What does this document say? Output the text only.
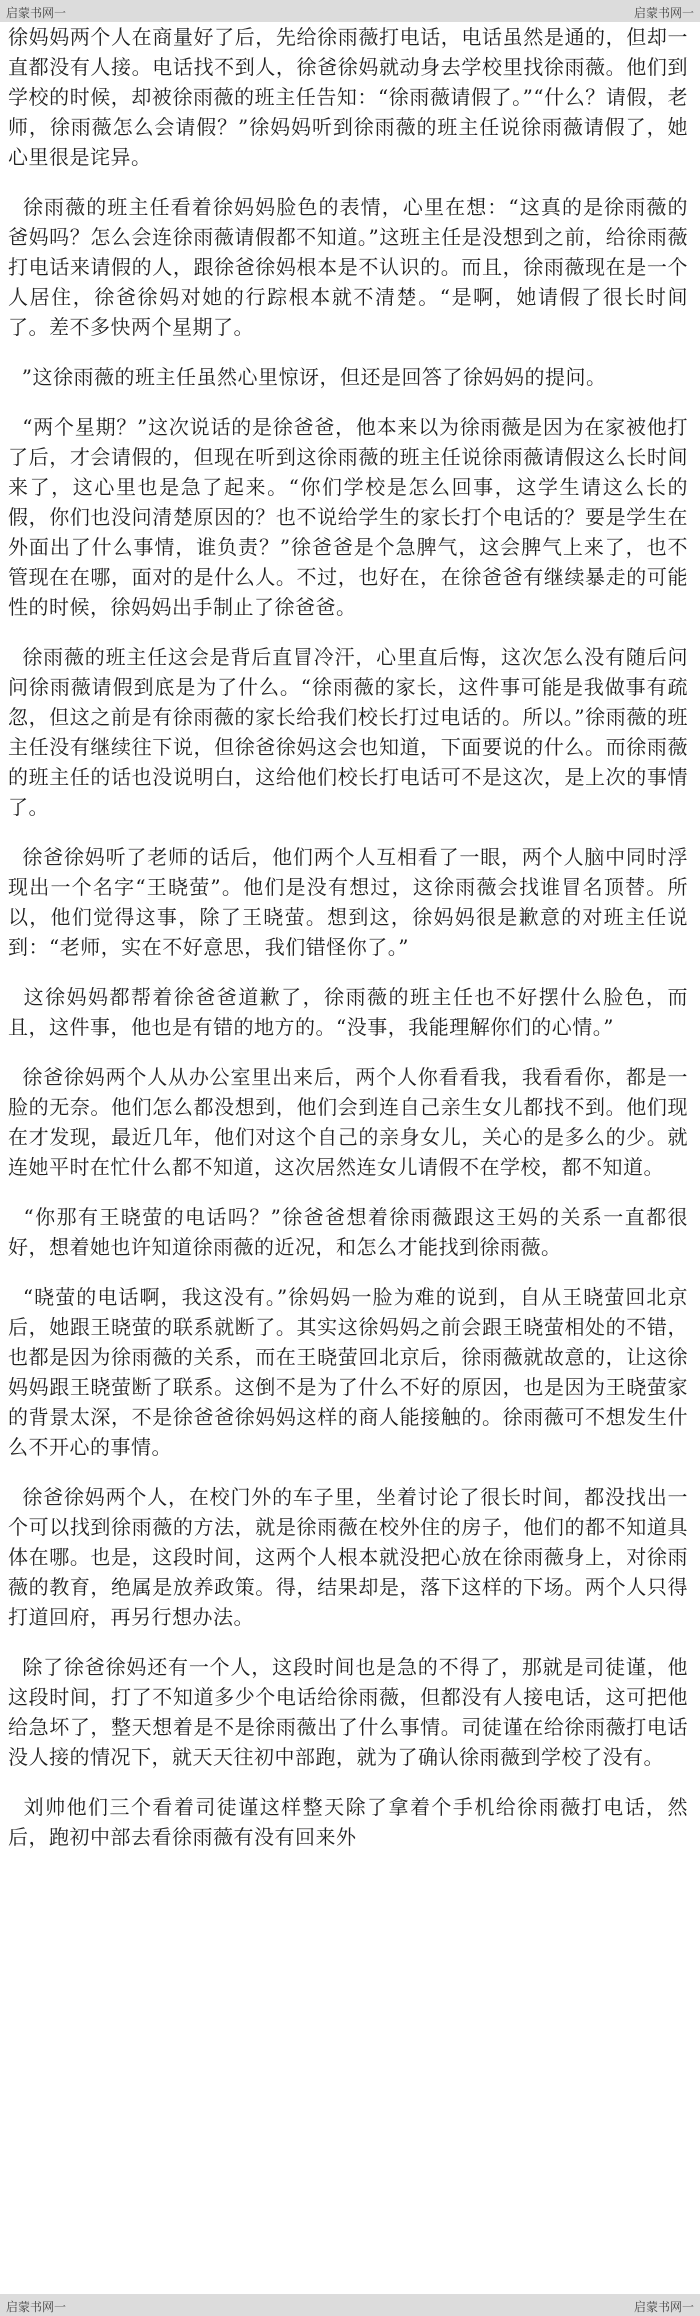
启蒙书网一	启蒙书网一

徐妈妈两个人在商量好了后，先给徐雨薇打电话，电话虽然是通的，但却一直都没有人接。电话找不到人，徐爸徐妈就动身去学校里找徐雨薇。他们到学校的时候，却被徐雨薇的班主任告知：“徐雨薇请假了。”“什么？请假，老师，徐雨薇怎么会请假？”徐妈妈听到徐雨薇的班主任说徐雨薇请假了，她心里很是诧异。

徐雨薇的班主任看着徐妈妈脸色的表情，心里在想：“这真的是徐雨薇的爸妈吗？怎么会连徐雨薇请假都不知道。”这班主任是没想到之前，给徐雨薇打电话来请假的人，跟徐爸徐妈根本是不认识的。而且，徐雨薇现在是一个人居住，徐爸徐妈对她的行踪根本就不清楚。“是啊，她请假了很长时间了。差不多快两个星期了。

”这徐雨薇的班主任虽然心里惊讶，但还是回答了徐妈妈的提问。

“两个星期？”这次说话的是徐爸爸，他本来以为徐雨薇是因为在家被他打了后，才会请假的，但现在听到这徐雨薇的班主任说徐雨薇请假这么长时间来了，这心里也是急了起来。“你们学校是怎么回事，这学生请这么长的假，你们也没问清楚原因的？也不说给学生的家长打个电话的？要是学生在外面出了什么事情，谁负责？”徐爸爸是个急脾气，这会脾气上来了，也不管现在在哪，面对的是什么人。不过，也好在，在徐爸爸有继续暴走的可能性的时候，徐妈妈出手制止了徐爸爸。

徐雨薇的班主任这会是背后直冒冷汗，心里直后悔，这次怎么没有随后问问徐雨薇请假到底是为了什么。“徐雨薇的家长，这件事可能是我做事有疏忽，但这之前是有徐雨薇的家长给我们校长打过电话的。所以。”徐雨薇的班主任没有继续往下说，但徐爸徐妈这会也知道，下面要说的什么。而徐雨薇的班主任的话也没说明白，这给他们校长打电话可不是这次，是上次的事情了。

徐爸徐妈听了老师的话后，他们两个人互相看了一眼，两个人脑中同时浮现出一个名字“王晓萤”。他们是没有想过，这徐雨薇会找谁冒名顶替。所以，他们觉得这事，除了王晓萤。想到这，徐妈妈很是歉意的对班主任说到：“老师，实在不好意思，我们错怪你了。”

这徐妈妈都帮着徐爸爸道歉了，徐雨薇的班主任也不好摆什么脸色，而且，这件事，他也是有错的地方的。“没事，我能理解你们的心情。”

徐爸徐妈两个人从办公室里出来后，两个人你看看我，我看看你，都是一脸的无奈。他们怎么都没想到，他们会到连自己亲生女儿都找不到。他们现在才发现，最近几年，他们对这个自己的亲身女儿，关心的是多么的少。就连她平时在忙什么都不知道，这次居然连女儿请假不在学校，都不知道。

“你那有王晓萤的电话吗？”徐爸爸想着徐雨薇跟这王妈的关系一直都很好，想着她也许知道徐雨薇的近况，和怎么才能找到徐雨薇。

“晓萤的电话啊，我这没有。”徐妈妈一脸为难的说到，自从王晓萤回北京后，她跟王晓萤的联系就断了。其实这徐妈妈之前会跟王晓萤相处的不错，也都是因为徐雨薇的关系，而在王晓萤回北京后，徐雨薇就故意的，让这徐妈妈跟王晓萤断了联系。这倒不是为了什么不好的原因，也是因为王晓萤家的背景太深，不是徐爸爸徐妈妈这样的商人能接触的。徐雨薇可不想发生什么不开心的事情。

徐爸徐妈两个人，在校门外的车子里，坐着讨论了很长时间，都没找出一个可以找到徐雨薇的方法，就是徐雨薇在校外住的房子，他们的都不知道具体在哪。也是，这段时间，这两个人根本就没把心放在徐雨薇身上，对徐雨薇的教育，绝属是放养政策。得，结果却是，落下这样的下场。两个人只得打道回府，再另行想办法。

除了徐爸徐妈还有一个人，这段时间也是急的不得了，那就是司徒谨，他这段时间，打了不知道多少个电话给徐雨薇，但都没有人接电话，这可把他给急坏了，整天想着是不是徐雨薇出了什么事情。司徒谨在给徐雨薇打电话没人接的情况下，就天天往初中部跑，就为了确认徐雨薇到学校了没有。

刘帅他们三个看着司徒谨这样整天除了拿着个手机给徐雨薇打电话，然后，跑初中部去看徐雨薇有没有回来外

启蒙书网一	启蒙书网一
